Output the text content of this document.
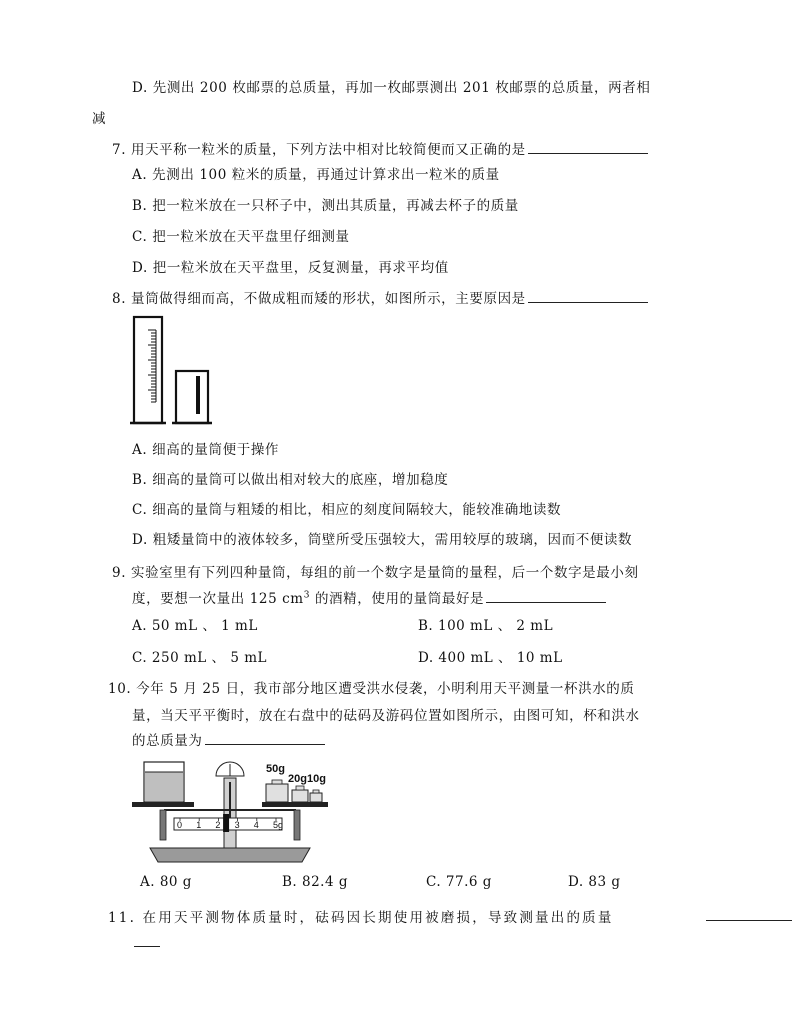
D. 先测出 200 枚邮票的总质量，再加一枚邮票测出 201 枚邮票的总质量，两者相
减
7. 用天平称一粒米的质量，下列方法中相对比较简便而又正确的是
A. 先测出 100 粒米的质量，再通过计算求出一粒米的质量
B. 把一粒米放在一只杯子中，测出其质量，再减去杯子的质量
C. 把一粒米放在天平盘里仔细测量
D. 把一粒米放在天平盘里，反复测量，再求平均值
8. 量筒做得细而高，不做成粗而矮的形状，如图所示，主要原因是
A. 细高的量筒便于操作
B. 细高的量筒可以做出相对较大的底座，增加稳度
C. 细高的量筒与粗矮的相比，相应的刻度间隔较大，能较准确地读数
D. 粗矮量筒中的液体较多，筒壁所受压强较大，需用较厚的玻璃，因而不便读数
9. 实验室里有下列四种量筒，每组的前一个数字是量筒的量程，后一个数字是最小刻
度，要想一次量出 125 $cm^3$ 的酒精，使用的量筒最好是
A. 50 mL 、 1 mL	B. 100 mL 、 2 mL
C. 250 mL 、 5 mL	D. 400 mL 、 10 mL
10. 今年 5 月 25 日，我市部分地区遭受洪水侵袭，小明利用天平测量一杯洪水的质
量，当天平平衡时，放在右盘中的砝码及游码位置如图所示，由图可知，杯和洪水
的总质量为
0 1 2 3 4 5g
50g
20g 10g
A. 80 g	B. 82.4 g	C. 77.6 g	D. 83 g
11. 在用天平测物体质量时，砝码因长期使用被磨损，导致测量出的质量
